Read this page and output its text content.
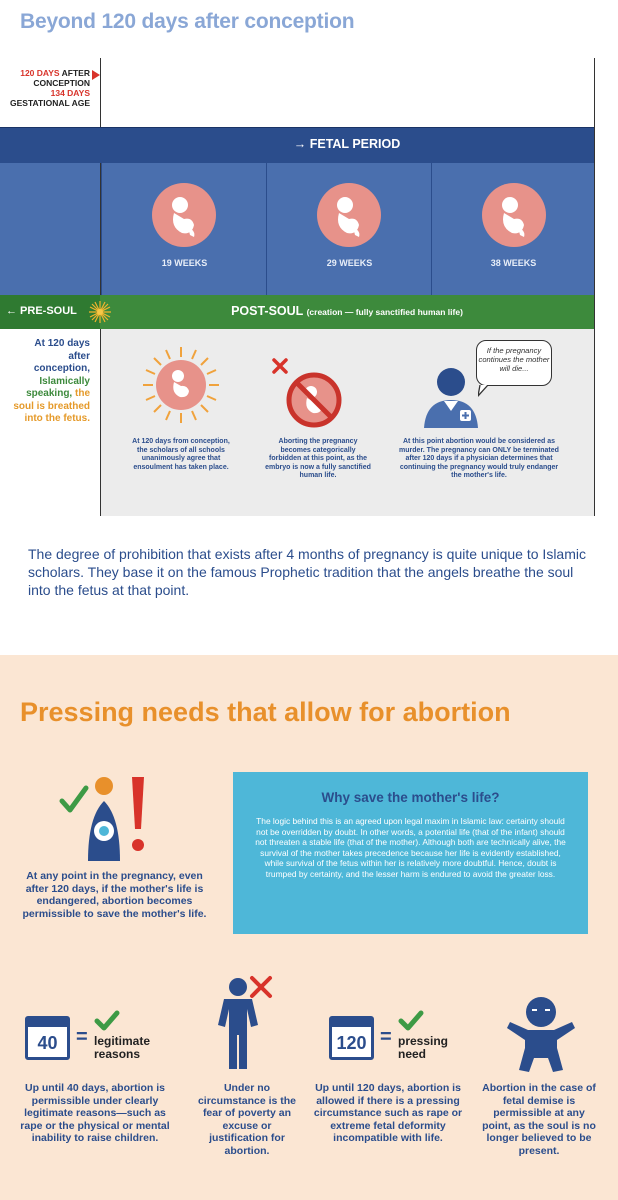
Beyond 120 days after conception
120 DAYS AFTER
CONCEPTION
134 DAYS
GESTATIONAL AGE
→ FETAL PERIOD
19 WEEKS	29 WEEKS	38 WEEKS
← PRE-SOUL	POST-SOUL (creation — fully sanctified human life)
At 120 days after conception, Islamically speaking, the soul is breathed into the fetus.
At 120 days from conception, the scholars of all schools unanimously agree that ensoulment has taken place.
Aborting the pregnancy becomes categorically forbidden at this point, as the embryo is now a fully sanctified human life.
If the pregnancy continues the mother will die...
At this point abortion would be considered as murder. The pregnancy can ONLY be terminated after 120 days if a physician determines that continuing the pregnancy would truly endanger the mother's life.
The degree of prohibition that exists after 4 months of pregnancy is quite unique to Islamic scholars. They base it on the famous Prophetic tradition that the angels breathe the soul into the fetus at that point.
Pressing needs that allow for abortion
At any point in the pregnancy, even after 120 days, if the mother's life is endangered, abortion becomes permissible to save the mother's life.
Why save the mother's life?
The logic behind this is an agreed upon legal maxim in Islamic law: certainty should not be overridden by doubt. In other words, a potential life (that of the infant) should not threaten a stable life (that of the mother). Although both are technically alive, the survival of the mother takes precedence because her life is evidently established, while survival of the fetus within her is relatively more doubtful. Hence, doubt is trumped by certainty, and the lesser harm is endured to avoid the greater loss.
40 = legitimate
reasons
Up until 40 days, abortion is permissible under clearly legitimate reasons—such as rape or the physical or mental inability to raise children.
Under no circumstance is the fear of poverty an excuse or justification for abortion.
120 = pressing
need
Up until 120 days, abortion is allowed if there is a pressing circumstance such as rape or extreme fetal deformity incompatible with life.
Abortion in the case of fetal demise is permissible at any point, as the soul is no longer believed to be present.
